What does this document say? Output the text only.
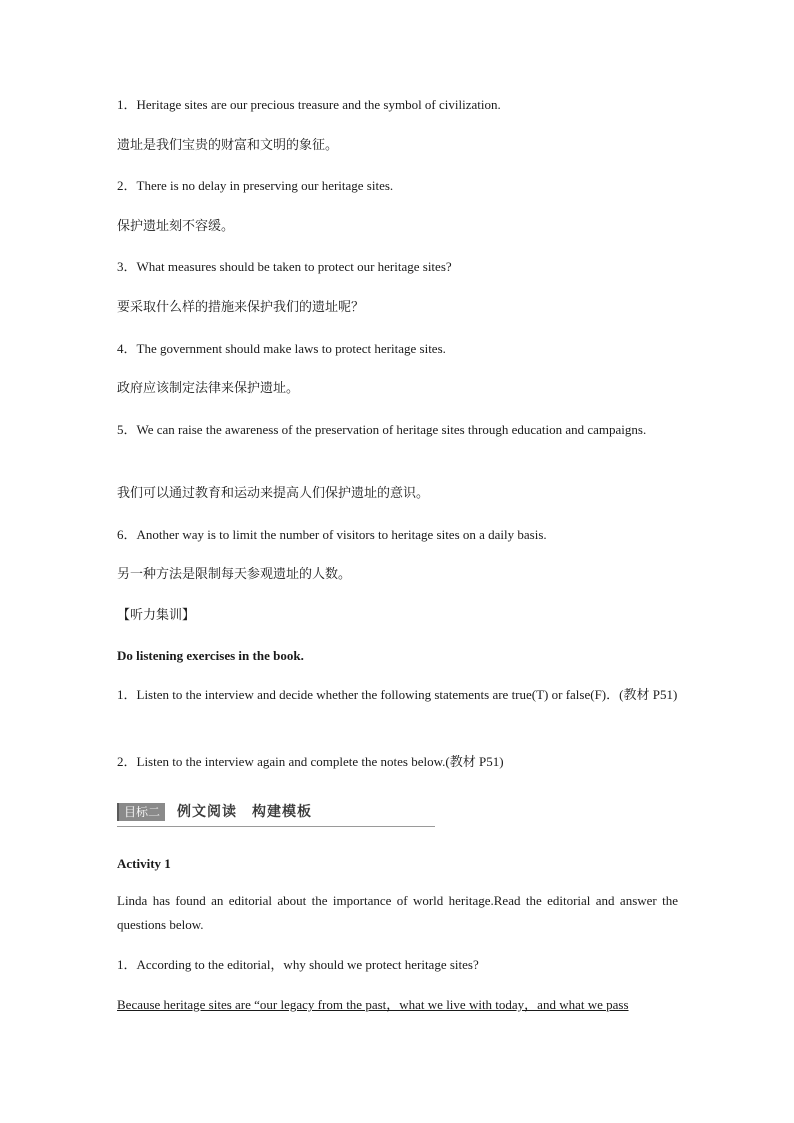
1．Heritage sites are our precious treasure and the symbol of civilization.
遗址是我们宝贵的财富和文明的象征。
2．There is no delay in preserving our heritage sites.
保护遗址刻不容缓。
3．What measures should be taken to protect our heritage sites?
要采取什么样的措施来保护我们的遗址呢？
4．The government should make laws to protect heritage sites.
政府应该制定法律来保护遗址。
5．We can raise the awareness of the preservation of heritage sites through education and campaigns.
我们可以通过教育和运动来提高人们保护遗址的意识。
6．Another way is to limit the number of visitors to heritage sites on a daily basis.
另一种方法是限制每天参观遗址的人数。
【听力集训】
Do listening exercises in the book.
1．Listen to the interview and decide whether the following statements are true(T) or false(F)．(教材 P51)
2．Listen to the interview again and complete the notes below.(教材 P51)
目标二	例文阅读　构建模板
Activity 1
Linda has found an editorial about the importance of world heritage.Read the editorial and answer the questions below.
1．According to the editorial，why should we protect heritage sites?
Because heritage sites are “our legacy from the past，what we live with today，and what we pass
